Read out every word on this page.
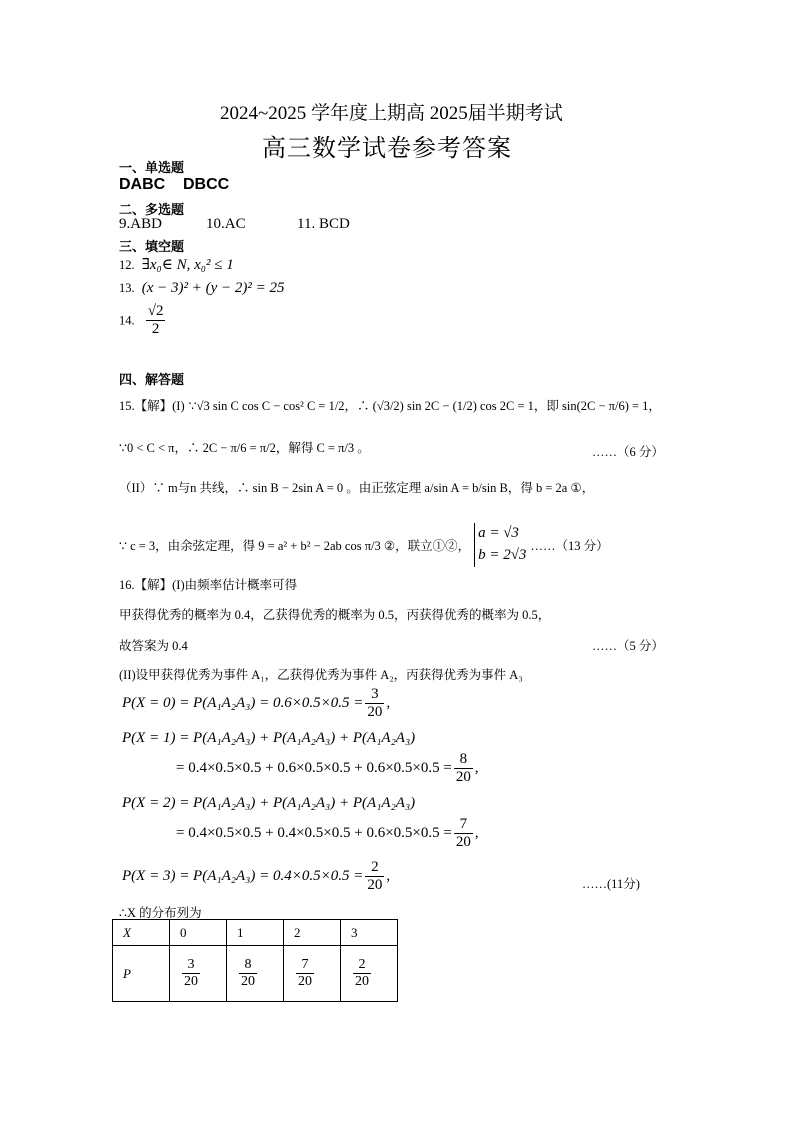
2024~2025 学年度上期高 2025届半期考试
高三数学试卷参考答案
一、单选题
DABC    DBCC
二、多选题
9.ABD	10.AC	11. BCD
三、填空题
12. ∃x₀∈ N, x₀² ≤ 1
13. (x − 3)² + (y − 2)² = 25
14. $\frac{√2}{2}$
四、解答题
15.【解】(I) ∵√3 sin C cos C − cos² C = 1/2，∴ (√3/2) sin 2C − (1/2) cos 2C = 1，即 sin(2C − π/6) = 1，
∵0 < C < π，∴ 2C − π/6 = π/2，解得 C = π/3 。	……（6 分）
（II）∵ m与n 共线，∴ sin B − 2sin A = 0 。由正弦定理 a/sin A = b/sin B，得 b = 2a ①，
∵ c = 3，由余弦定理，得 9 = a² + b² − 2ab cos π/3 ②，联立①②，
a = √3
b = 2√3
……（13 分）
16.【解】(I)由频率估计概率可得
甲获得优秀的概率为 0.4，乙获得优秀的概率为 0.5，丙获得优秀的概率为 0.5，
故答案为 0.4	……（5 分）
(II)设甲获得优秀为事件 A₁，乙获得优秀为事件 A₂，丙获得优秀为事件 A₃
$P(X = 0) = P(A_1A_2A_3) = 0.6\times 0.5\times 0.5 = \frac{3}{20}$ ,
P(X = 1) = P(A₁A₂A₃) + P(A₁A₂A₃) + P(A₁A₂A₃)
= $0.4\times 0.5\times 0.5 + 0.6\times 0.5\times 0.5 + 0.6\times 0.5\times 0.5 = \frac{8}{20}$ ,
P(X = 2) = P(A₁A₂A₃) + P(A₁A₂A₃) + P(A₁A₂A₃)
= $0.4\times 0.5\times 0.5 + 0.4\times 0.5\times 0.5 + 0.6\times 0.5\times 0.5 = \frac{7}{20}$ ,
$P(X = 3) = P(A_1A_2A_3) = 0.4\times 0.5\times 0.5 = \frac{2}{20}$ ,	……(11分)
∴X 的分布列为
X	0	1	2	3
P	$\frac{3}{20}$	$\frac{8}{20}$	$\frac{7}{20}$	$\frac{2}{20}$
